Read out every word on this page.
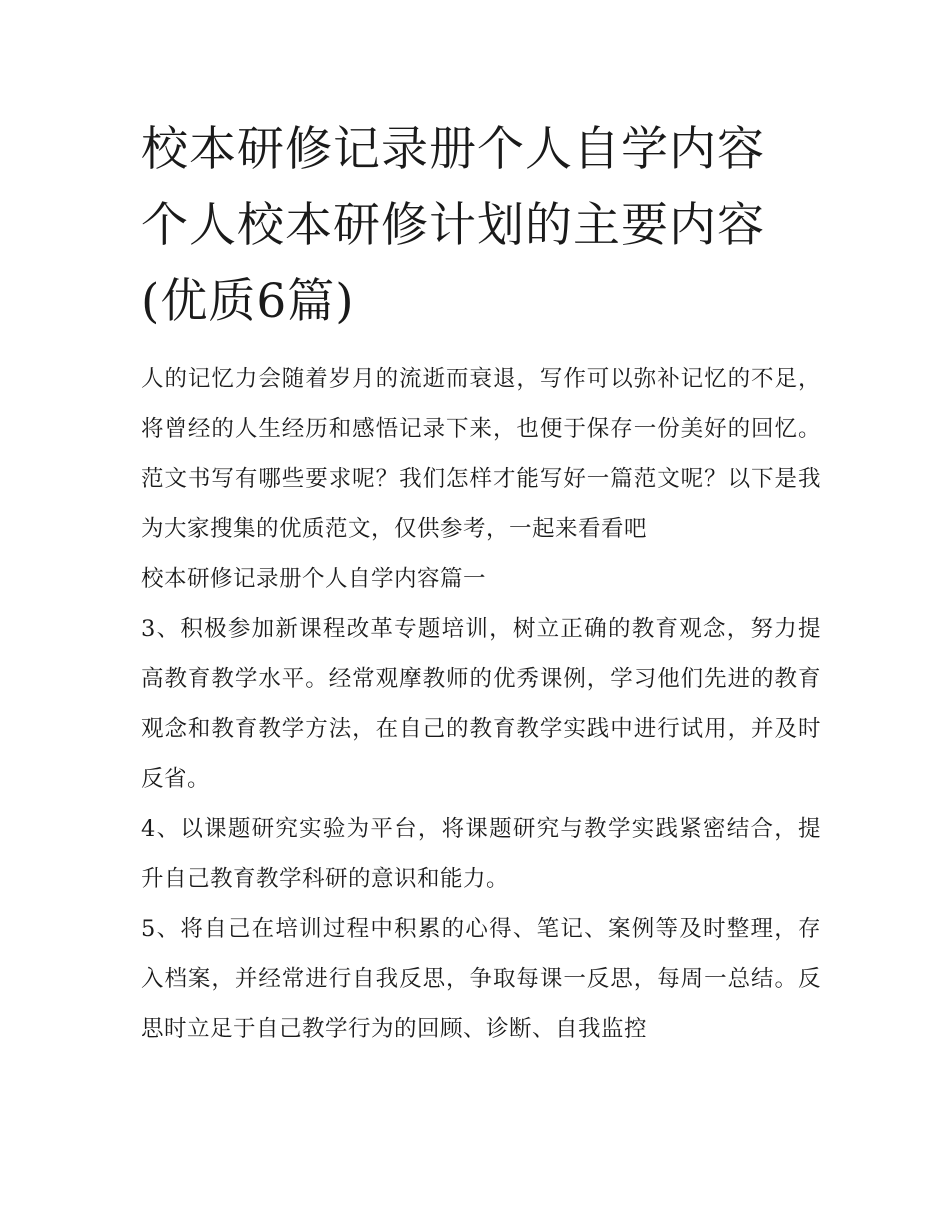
校本研修记录册个人自学内容
个人校本研修计划的主要内容
(优质6篇)

人的记忆力会随着岁月的流逝而衰退，写作可以弥补记忆的不足，将曾经的人生经历和感悟记录下来，也便于保存一份美好的回忆。范文书写有哪些要求呢？我们怎样才能写好一篇范文呢？以下是我为大家搜集的优质范文，仅供参考，一起来看看吧

校本研修记录册个人自学内容篇一

3、积极参加新课程改革专题培训，树立正确的教育观念，努力提高教育教学水平。经常观摩教师的优秀课例，学习他们先进的教育观念和教育教学方法，在自己的教育教学实践中进行试用，并及时反省。

4、以课题研究实验为平台，将课题研究与教学实践紧密结合，提升自己教育教学科研的意识和能力。

5、将自己在培训过程中积累的心得、笔记、案例等及时整理，存入档案，并经常进行自我反思，争取每课一反思，每周一总结。反思时立足于自己教学行为的回顾、诊断、自我监控
